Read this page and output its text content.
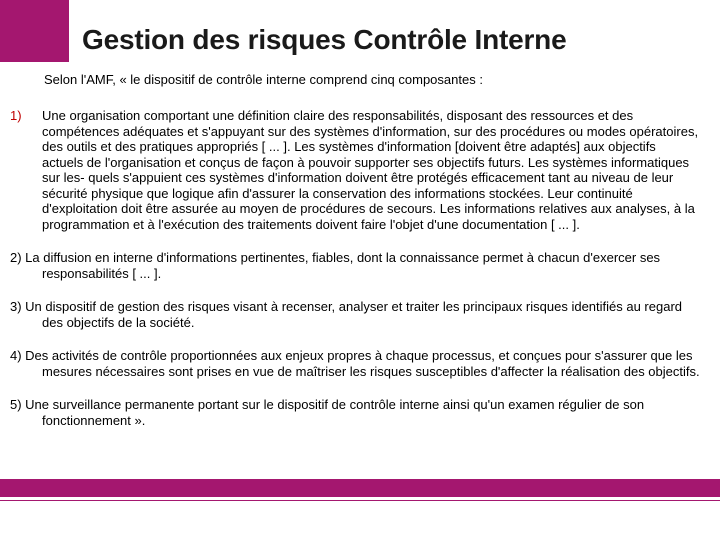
Gestion des risques Contrôle Interne

Selon l'AMF, « le dispositif de contrôle interne comprend cinq composantes :

1) Une organisation comportant une définition claire des responsabilités, disposant des ressources et des compétences adéquates et s'appuyant sur des systèmes d'information, sur des procédures ou modes opératoires, des outils et des pratiques appropriés [ ... ]. Les systèmes d'information [doivent être adaptés] aux objectifs actuels de l'organisation et conçus de façon à pouvoir supporter ses objectifs futurs. Les systèmes informatiques sur les- quels s'appuient ces systèmes d'information doivent être protégés efficacement tant au niveau de leur sécurité physique que logique afin d'assurer la conservation des informations stockées. Leur continuité d'exploitation doit être assurée au moyen de procédures de secours. Les informations relatives aux analyses, à la programmation et à l'exécution des traitements doivent faire l'objet d'une documentation [ ... ].

2) La diffusion en interne d'informations pertinentes, fiables, dont la connaissance permet à chacun d'exercer ses responsabilités [ ... ].

3) Un dispositif de gestion des risques visant à recenser, analyser et traiter les principaux risques identifiés au regard des objectifs de la société.

4) Des activités de contrôle proportionnées aux enjeux propres à chaque processus, et conçues pour s'assurer que les mesures nécessaires sont prises en vue de maîtriser les risques susceptibles d'affecter la réalisation des objectifs.

5) Une surveillance permanente portant sur le dispositif de contrôle interne ainsi qu'un examen régulier de son fonctionnement ».
